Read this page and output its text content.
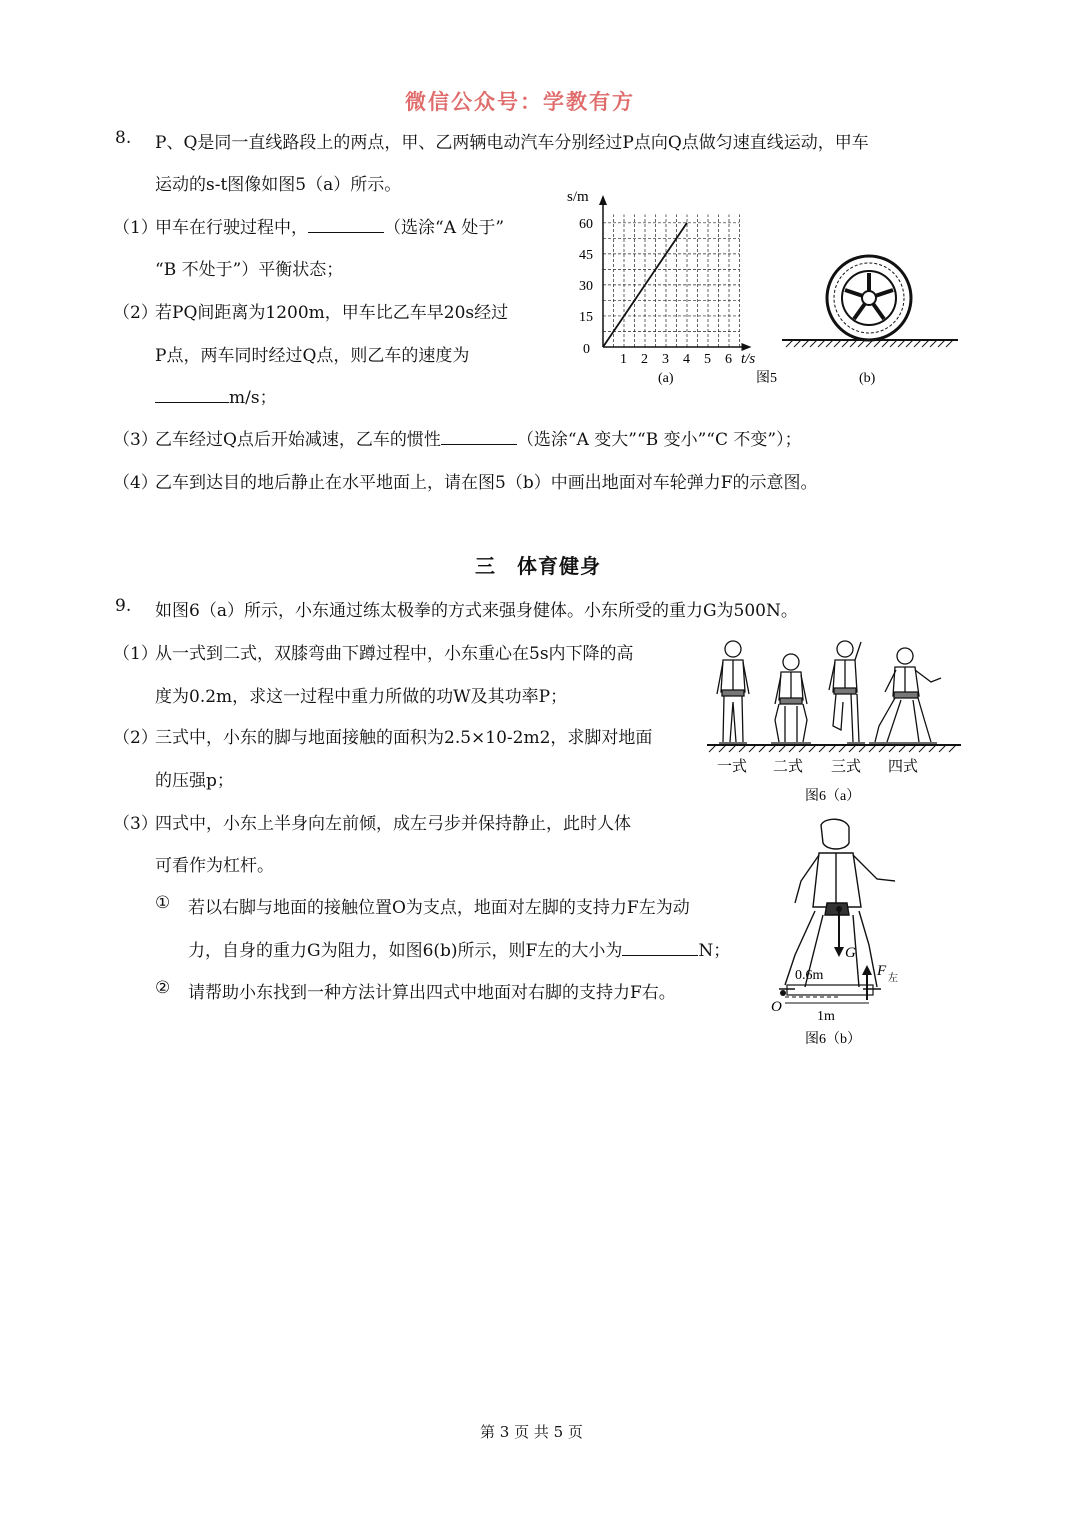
微信公众号：学教有方
8. P、Q是同一直线路段上的两点，甲、乙两辆电动汽车分别经过P点向Q点做匀速直线运动，甲车
运动的s-t图像如图5（a）所示。
（1）
甲车在行驶过程中，	（选涂“A 处于”
“B 不处于”）平衡状态；
（2）
若PQ间距离为1200m，甲车比乙车早20s经过
P点，两车同时经过Q点，则乙车的速度为
m/s；
（3）
乙车经过Q点后开始减速，乙车的惯性	（选涂“A 变大”“B 变小”“C 不变”）；
（4）
乙车到达目的地后静止在水平地面上，请在图5（b）中画出地面对车轮弹力F的示意图。
1 2 3 4 5 6
15
30
45
60
s/m
t/s
0
(a)	图5	(b)
三　体育健身
9. 如图6（a）所示，小东通过练太极拳的方式来强身健体。小东所受的重力G为500N。
（1）
从一式到二式，双膝弯曲下蹲过程中，小东重心在5s内下降的高
度为0.2m，求这一过程中重力所做的功W及其功率P；
（2）
三式中，小东的脚与地面接触的面积为2.5×10-2m2，求脚对地面
的压强p；
（3）
四式中，小东上半身向左前倾，成左弓步并保持静止，此时人体
可看作为杠杆。
① 若以右脚与地面的接触位置O为支点，地面对左脚的支持力F左为动
力，自身的重力G为阻力，如图6(b)所示，则F左的大小为	N；
② 请帮助小东找到一种方法计算出四式中地面对右脚的支持力F右。
一式 二式 三式 四式
图6（a）
G
F 左
0.6m
O
1m
图6（b）
第 3 页 共 5 页
